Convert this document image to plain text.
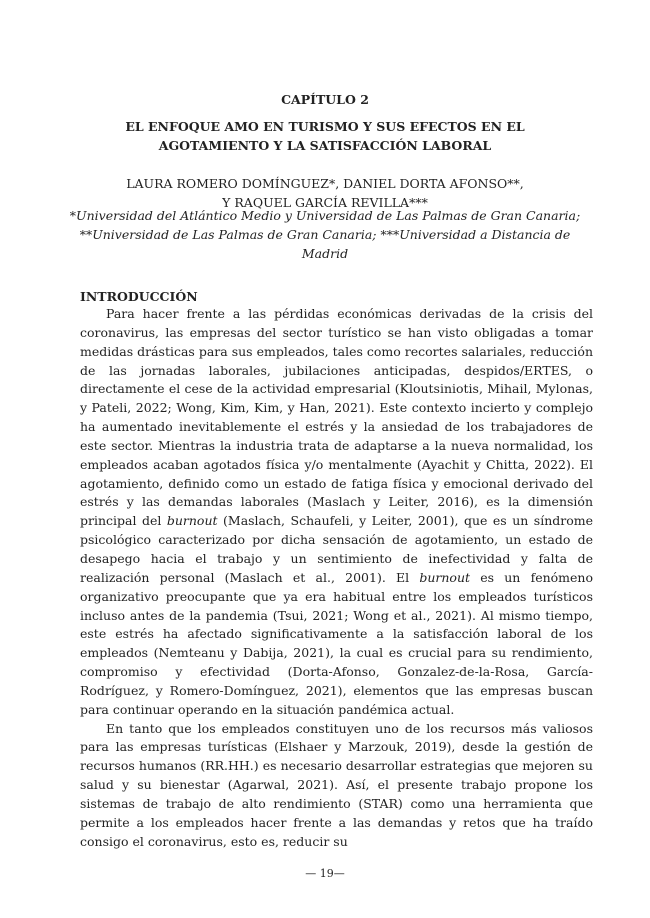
CAPÍTULO 2
EL ENFOQUE AMO EN TURISMO Y SUS EFECTOS EN EL AGOTAMIENTO Y LA SATISFACCIÓN LABORAL
LAURA ROMERO DOMÍNGUEZ*, DANIEL DORTA AFONSO**,
Y RAQUEL GARCÍA REVILLA***
*Universidad del Atlántico Medio y Universidad de Las Palmas de Gran Canaria;
**Universidad de Las Palmas de Gran Canaria; ***Universidad a Distancia de Madrid
INTRODUCCIÓN

Para hacer frente a las pérdidas económicas derivadas de la crisis del coronavirus, las empresas del sector turístico se han visto obligadas a tomar medidas drásticas para sus empleados, tales como recortes salariales, reducción de las jornadas laborales, jubilaciones anticipadas, despidos/ERTES, o directamente el cese de la actividad empresarial (Kloutsiniotis, Mihail, Mylonas, y Pateli, 2022; Wong, Kim, Kim, y Han, 2021). Este contexto incierto y complejo ha aumentado inevitablemente el estrés y la ansiedad de los trabajadores de este sector. Mientras la industria trata de adaptarse a la nueva normalidad, los empleados acaban agotados física y/o mentalmente (Ayachit y Chitta, 2022). El agotamiento, definido como un estado de fatiga física y emocional derivado del estrés y las demandas laborales (Maslach y Leiter, 2016), es la dimensión principal del burnout (Maslach, Schaufeli, y Leiter, 2001), que es un síndrome psicológico caracterizado por dicha sensación de agotamiento, un estado de desapego hacia el trabajo y un sentimiento de inefectividad y falta de realización personal (Maslach et al., 2001). El burnout es un fenómeno organizativo preocupante que ya era habitual entre los empleados turísticos incluso antes de la pandemia (Tsui, 2021; Wong et al., 2021). Al mismo tiempo, este estrés ha afectado significativamente a la satisfacción laboral de los empleados (Nemteanu y Dabija, 2021), la cual es crucial para su rendimiento, compromiso y efectividad (Dorta-Afonso, Gonzalez-de-la-Rosa, García-Rodríguez, y Romero-Domínguez, 2021), elementos que las empresas buscan para continuar operando en la situación pandémica actual.

En tanto que los empleados constituyen uno de los recursos más valiosos para las empresas turísticas (Elshaer y Marzouk, 2019), desde la gestión de recursos humanos (RR.HH.) es necesario desarrollar estrategias que mejoren su salud y su bienestar (Agarwal, 2021). Así, el presente trabajo propone los sistemas de trabajo de alto rendimiento (STAR) como una herramienta que permite a los empleados hacer frente a las demandas y retos que ha traído consigo el coronavirus, esto es, reducir su

— 19—
